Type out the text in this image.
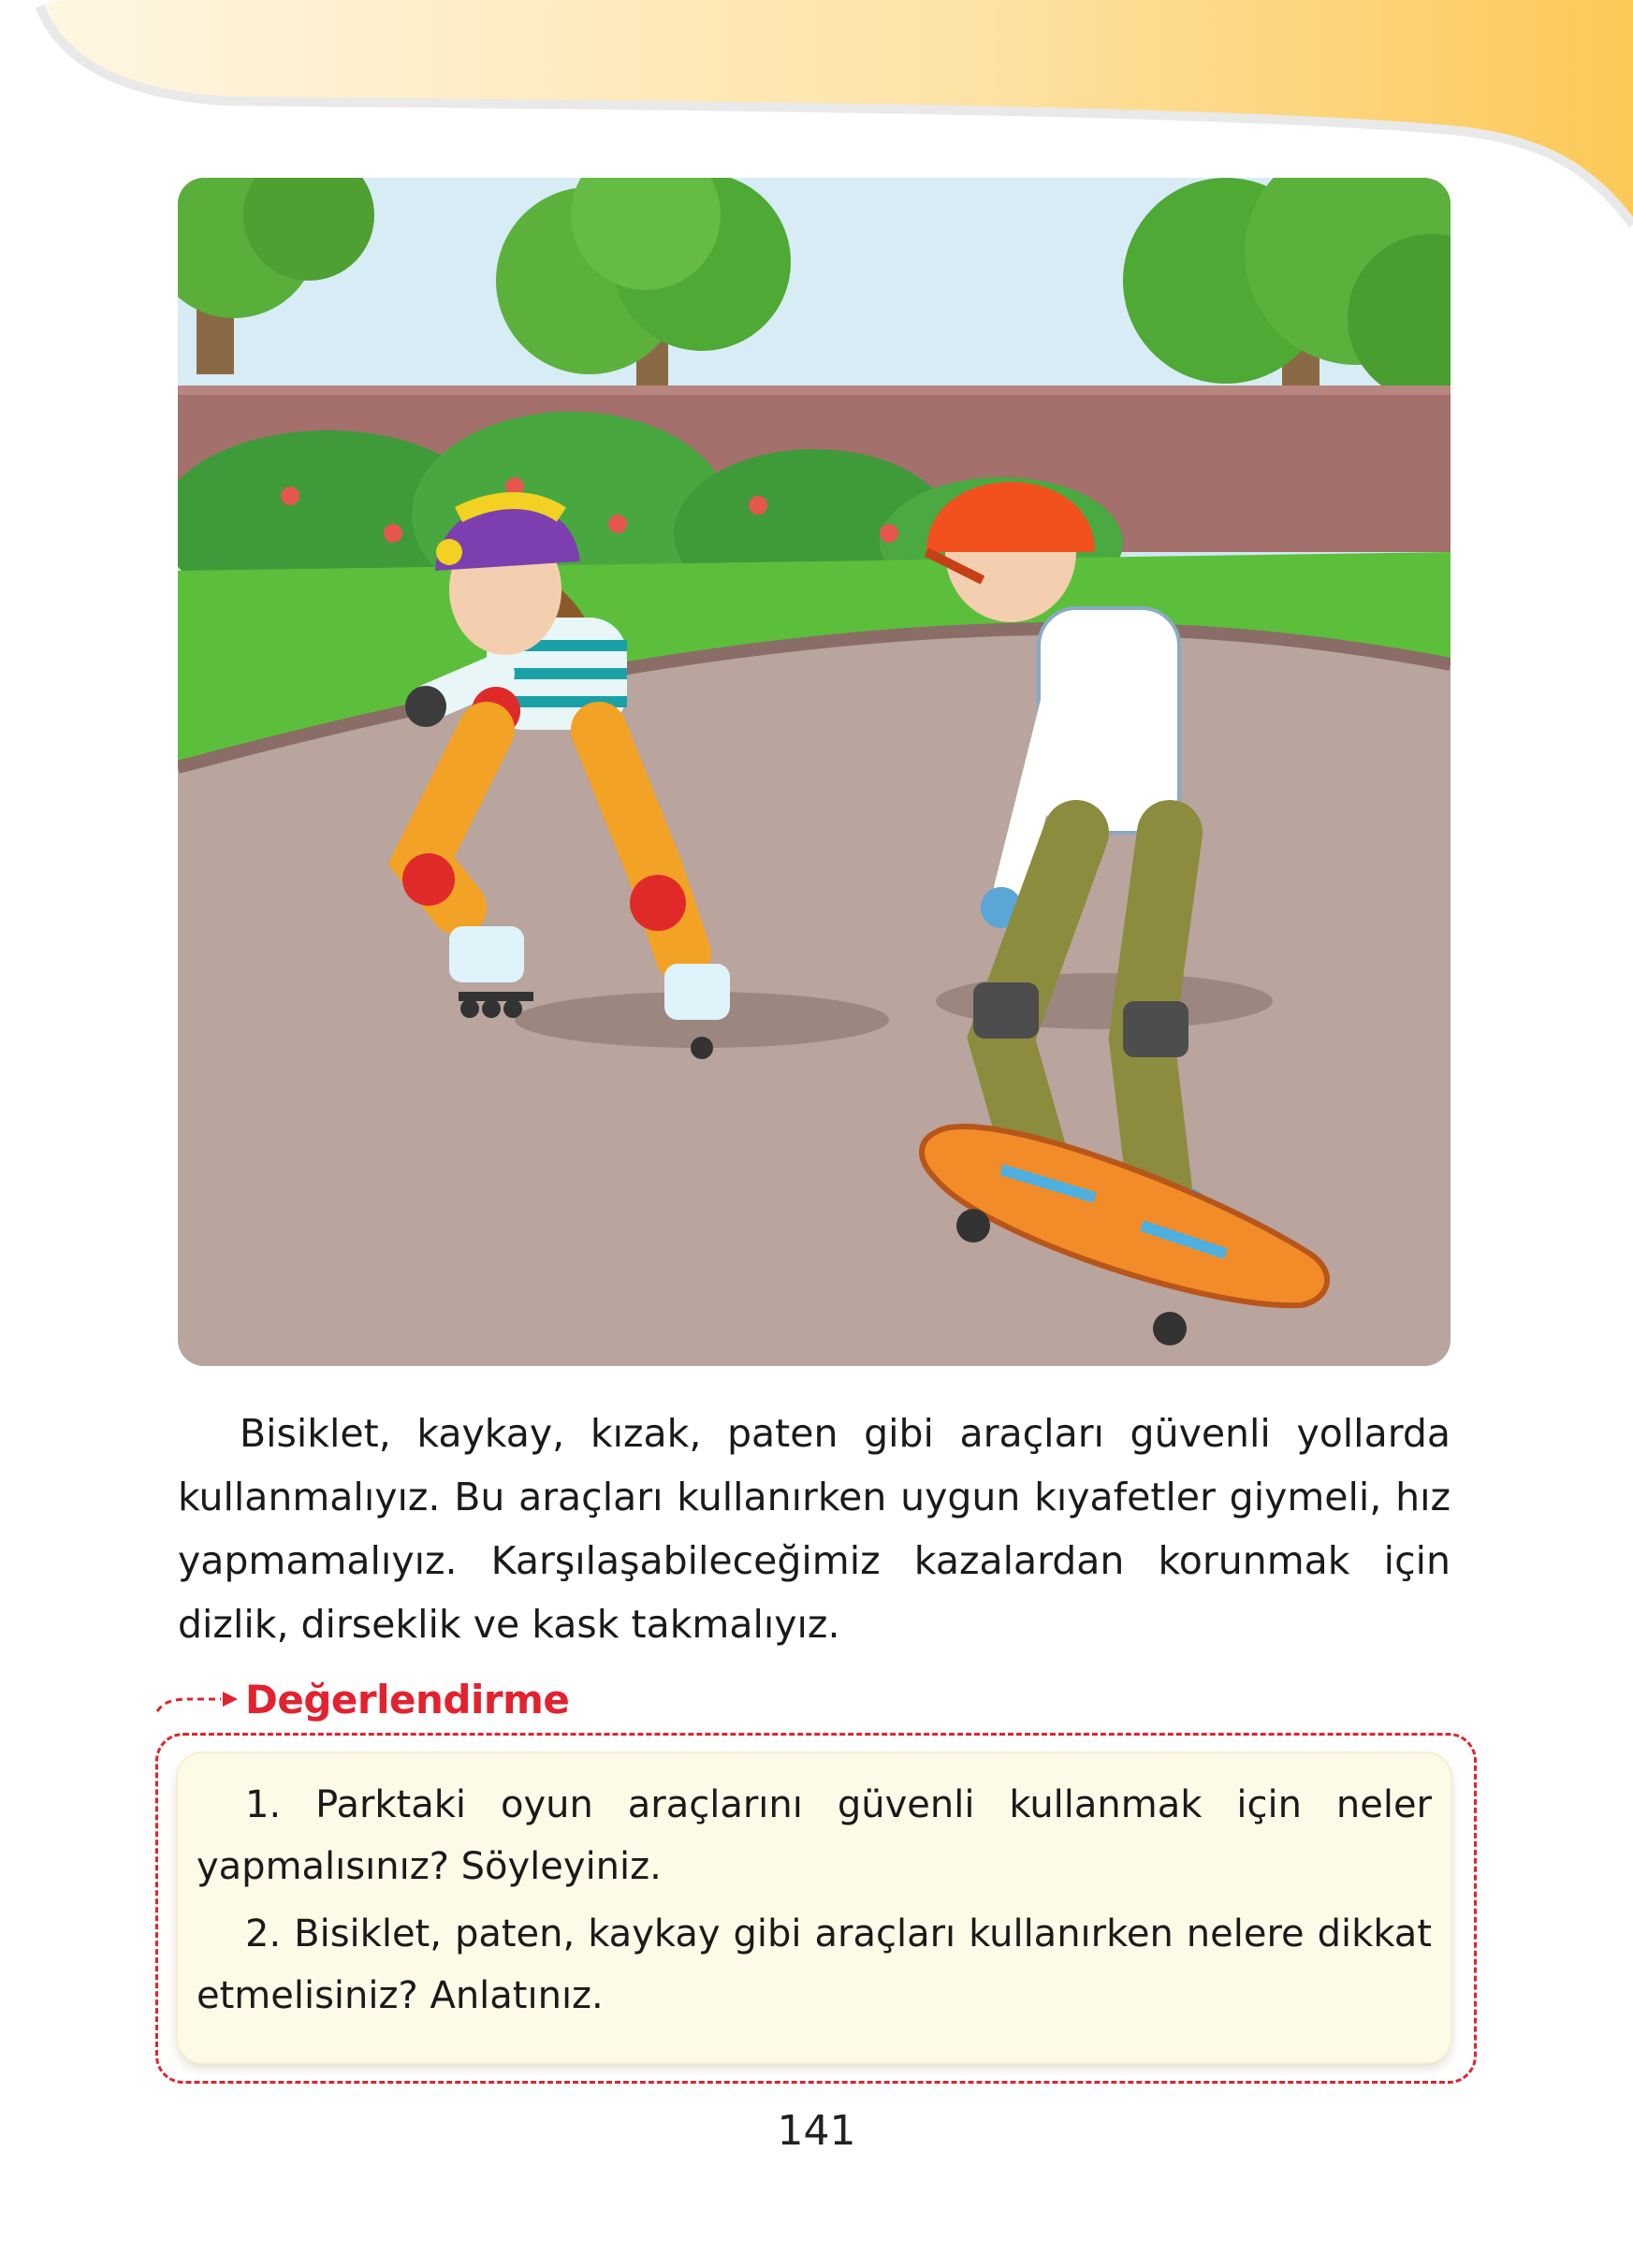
Bisiklet, kaykay, kızak, paten gibi araçları güvenli yollarda kullanmalıyız. Bu araçları kullanırken uygun kıyafetler giymeli, hız yapmamalıyız. Karşılaşabileceğimiz kazalardan korunmak için dizlik, dirseklik ve kask takmalıyız.

Değerlendirme

1. Parktaki oyun araçlarını güvenli kullanmak için neler yapmalısınız? Söyleyiniz.

2. Bisiklet, paten, kaykay gibi araçları kullanırken nelere dikkat etmelisiniz? Anlatınız.

141
